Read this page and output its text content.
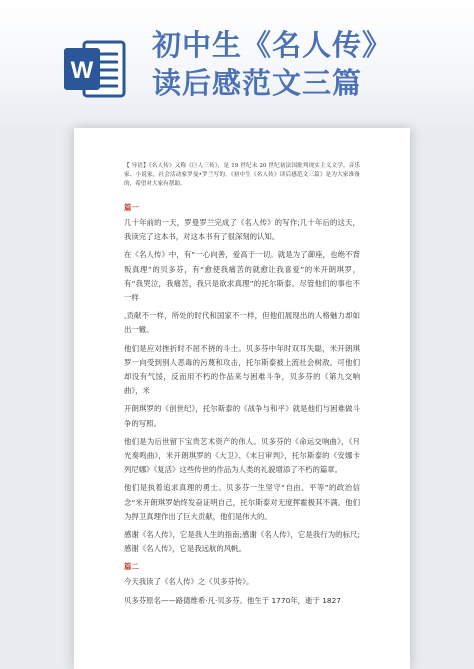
W
初中生《名人传》
读后感范文三篇
【 导语】《名人传》又称《巨人三传》，是 19 世纪末 20 世纪初法国批判现实主义文学、音乐家、小说家，社会活动家罗曼•罗兰写的。《初中生《名人传》读后感范文三篇》是为大家准备的，希望对大家有帮助。
篇一

几十年前的一天，罗曼罗兰完成了《名人传》的写作;几十年后的这天，我读完了这本书，对这本书有了很深刻的认知。

在《名人传》中，有“一心向善，爱高于一切。就是为了御座，也绝不背叛真理”的贝多芬，有“愈使我痛苦的就愈让我喜爱”的米开朗琪罗，有“我哭泣，我痛苦，我只是欲求真理”的托尔斯泰。尽管他们的事也不一样

,贡献不一样，所处的时代和国家不一样，但他们展现出的人格魅力却如出一辙。

他们是应对挫折时不屈不挠的斗士。贝多芬中年时双耳失聪，米开朗琪罗一向受到别人恶毒的污蔑和攻击，托尔斯泰被上流社会树敌。可他们却没有气馁，反而用不朽的作品来与困难斗争，贝多芬的《第九交响曲》，米

开朗琪罗的《创世纪》，托尔斯泰的《战争与和平》就是他们与困难做斗争的写照。

他们是为后世留下宝贵艺术资产的伟人。贝多芬的《命运交响曲》，《月光奏鸣曲》，米开朗琪罗的《大卫》、《末日审判》，托尔斯泰的《安娜卡列尼娜》《复活》这些传世的作品为人类的礼貌增添了不朽的篇章。

他们是执着追求真理的勇士。贝多芬一生坚守“自由、平等”的政治信念“米开朗琪罗始终发奋证明自己，托尔斯泰对无度挥霍极其不满。他们为捍卫真理作出了巨大贡献，他们是伟大的。

感谢《名人传》，它是我人生的指南;感谢《名人传》，它是我行为的标尺;感谢《名人传》，它是我远航的风帆。

篇二

今天我读了《名人传》之《贝多芬传》。

贝多芬原名——路德维希·凡·贝多芬。他生于 1770年，逝于 1827
